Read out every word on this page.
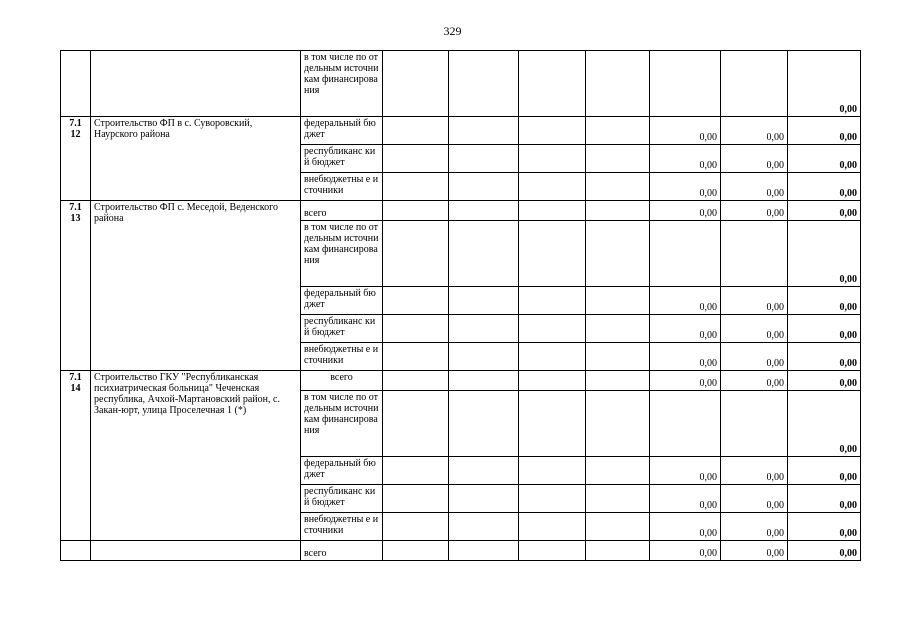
329
		в том числе по отдельным источникам финансирова ния							0,00
7.1 12	Строительство ФП в с. Суворовский, Наурского района	федеральный бюджет					0,00	0,00	0,00
		республиканс кий бюджет					0,00	0,00	0,00
		внебюджетны е источники					0,00	0,00	0,00
7.1 13	Строительство ФП с. Меседой, Веденского района	всего					0,00	0,00	0,00
		в том числе по отдельным источникам финансирова ния							0,00
		федеральный бюджет					0,00	0,00	0,00
		республиканс кий бюджет					0,00	0,00	0,00
		внебюджетны е источники					0,00	0,00	0,00
7.1 14	Строительство ГКУ "Республиканская психиатрическая больница" Чеченская республика, Ачхой-Мартановский район, с. Закан-юрт, улица Проселечная 1 (*)	всего					0,00	0,00	0,00
		в том числе по отдельным источникам финансирова ния							0,00
		федеральный бюджет					0,00	0,00	0,00
		республиканс кий бюджет					0,00	0,00	0,00
		внебюджетны е источники					0,00	0,00	0,00
		всего					0,00	0,00	0,00
